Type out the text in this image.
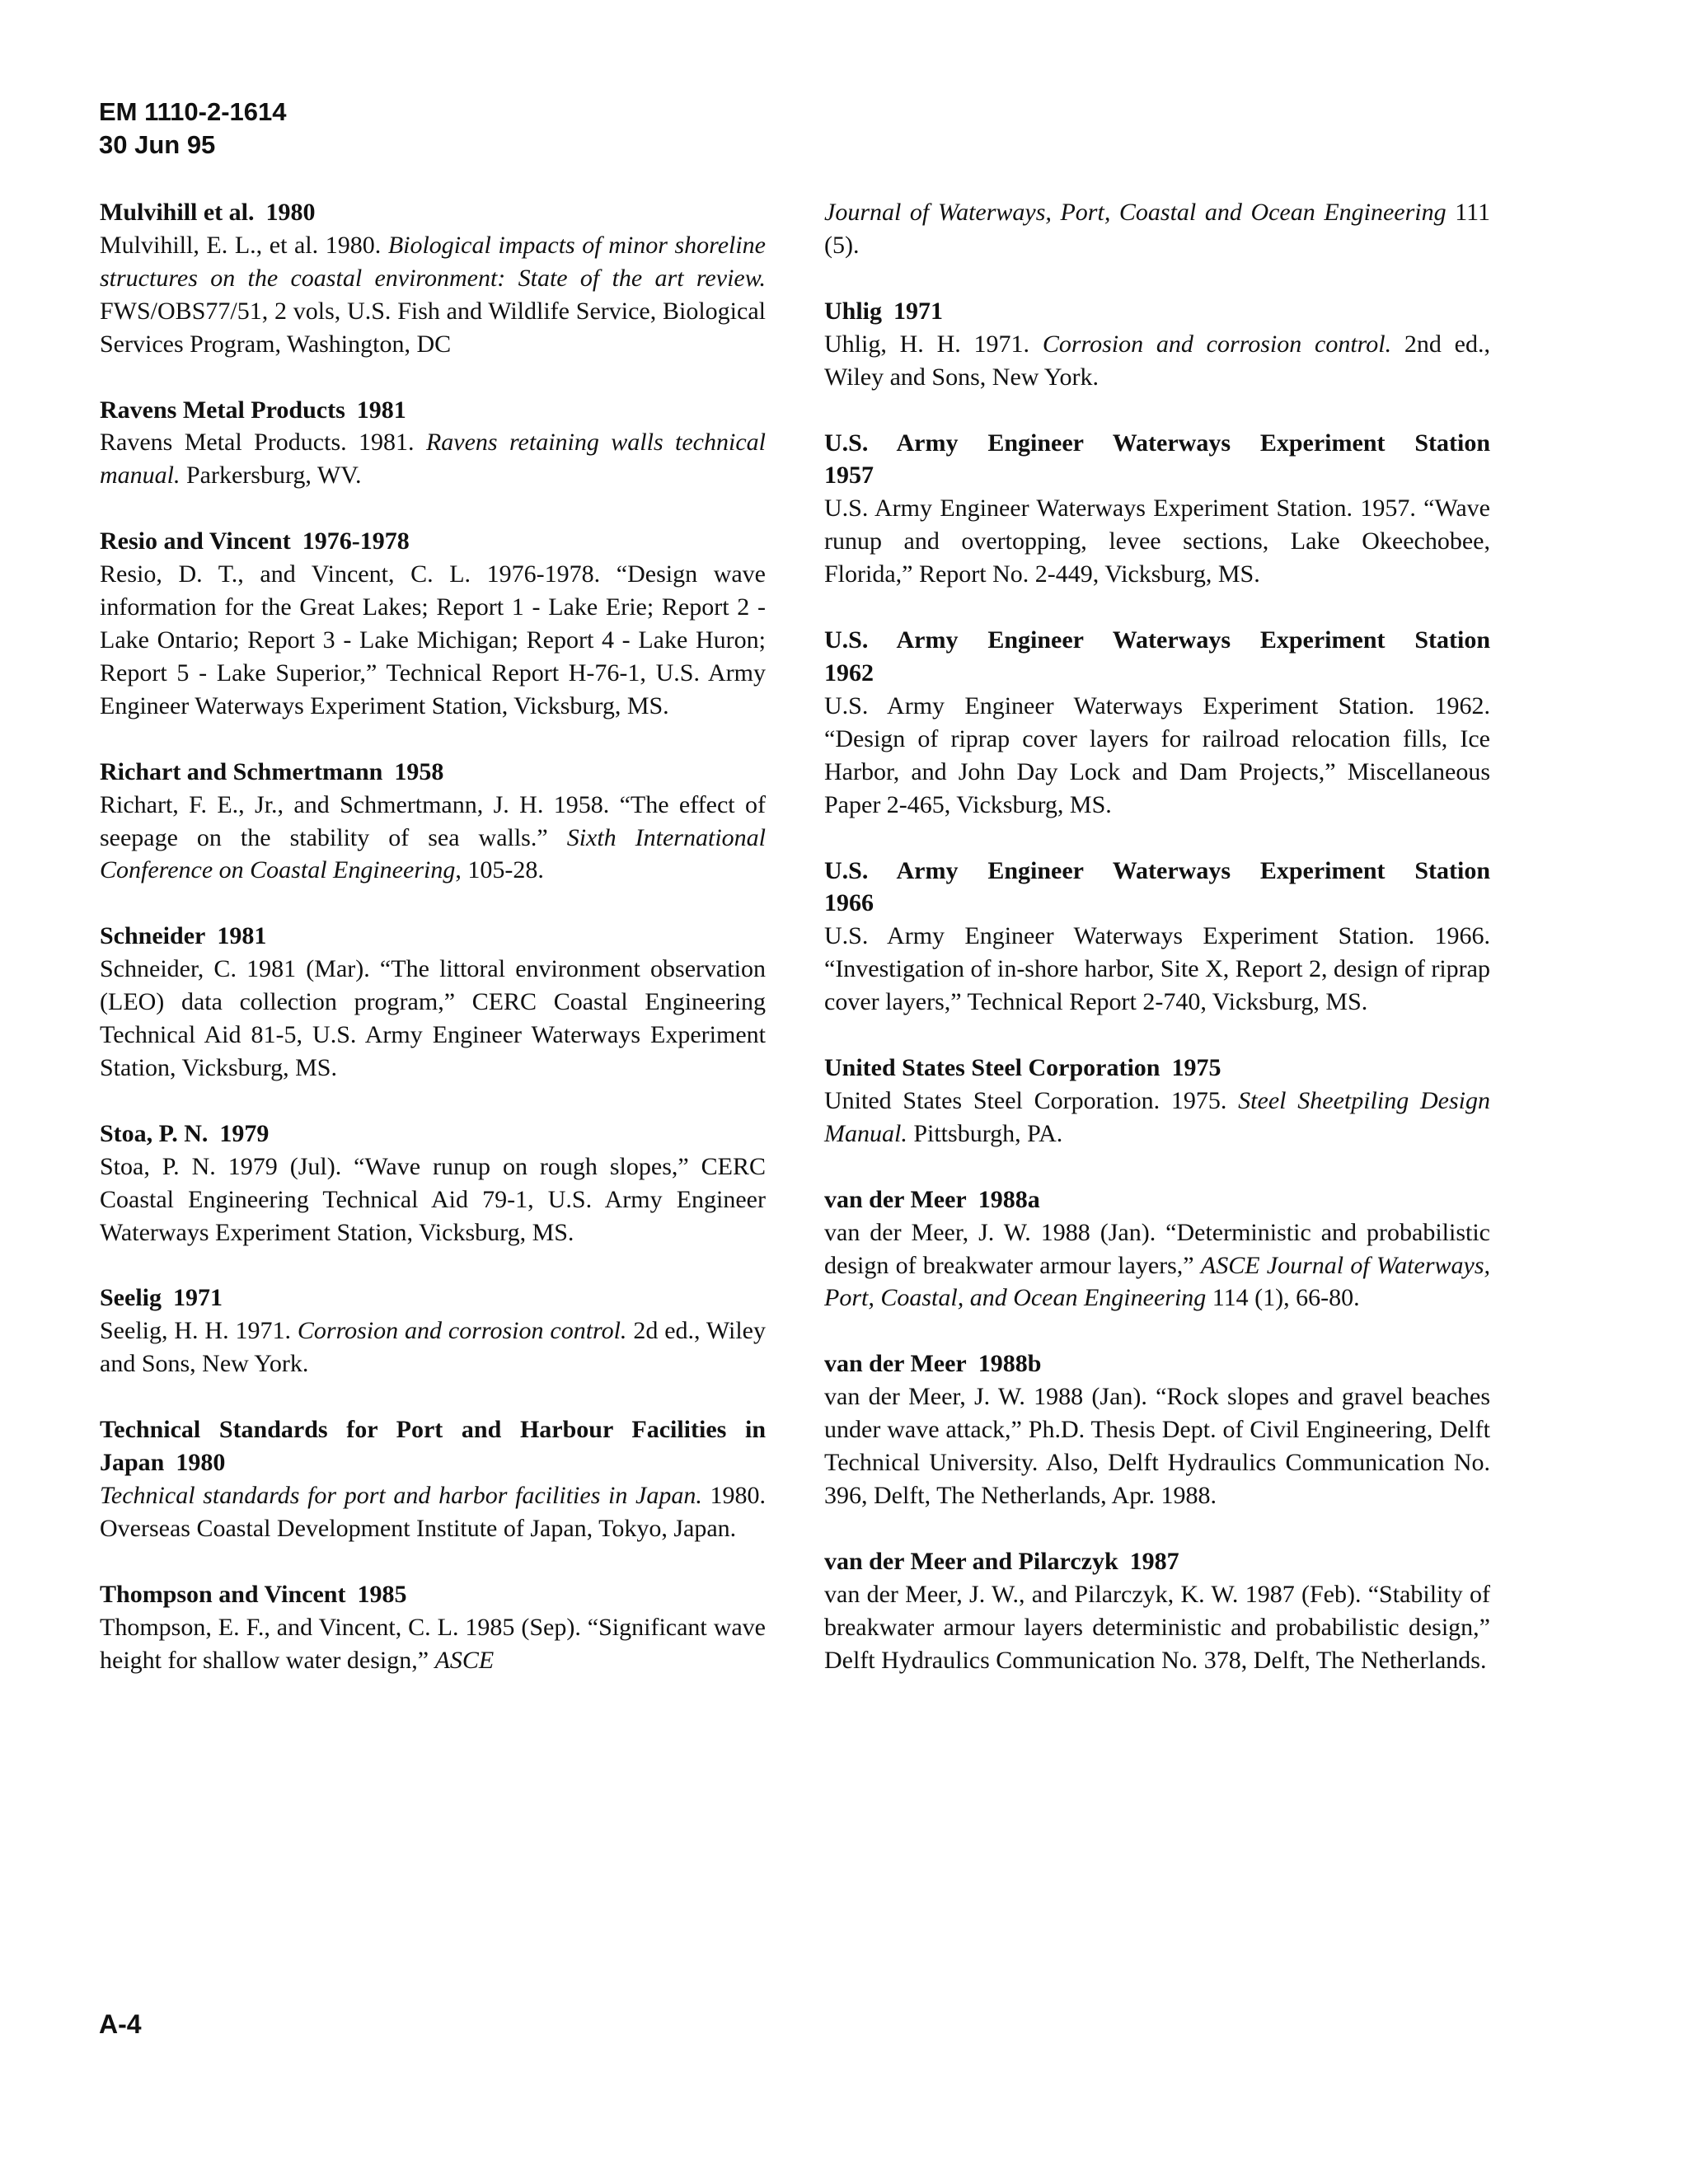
EM 1110-2-1614
30 Jun 95
Mulvihill et al. 1980

Mulvihill, E. L., et al. 1980. Biological impacts of minor shoreline structures on the coastal environment: State of the art review. FWS/OBS77/51, 2 vols, U.S. Fish and Wildlife Service, Biological Services Program, Washington, DC

Ravens Metal Products 1981

Ravens Metal Products. 1981. Ravens retaining walls technical manual. Parkersburg, WV.

Resio and Vincent 1976-1978

Resio, D. T., and Vincent, C. L. 1976-1978. “Design wave information for the Great Lakes; Report 1 - Lake Erie; Report 2 - Lake Ontario; Report 3 - Lake Michigan; Report 4 - Lake Huron; Report 5 - Lake Superior,” Technical Report H-76-1, U.S. Army Engineer Waterways Experiment Station, Vicksburg, MS.

Richart and Schmertmann 1958

Richart, F. E., Jr., and Schmertmann, J. H. 1958. “The effect of seepage on the stability of sea walls.” Sixth International Conference on Coastal Engineering, 105-28.

Schneider 1981

Schneider, C. 1981 (Mar). “The littoral environment observation (LEO) data collection program,” CERC Coastal Engineering Technical Aid 81-5, U.S. Army Engineer Waterways Experiment Station, Vicksburg, MS.

Stoa, P. N. 1979

Stoa, P. N. 1979 (Jul). “Wave runup on rough slopes,” CERC Coastal Engineering Technical Aid 79-1, U.S. Army Engineer Waterways Experiment Station, Vicksburg, MS.

Seelig 1971

Seelig, H. H. 1971. Corrosion and corrosion control. 2d ed., Wiley and Sons, New York.

Technical Standards for Port and Harbour Facilities in Japan 1980

Technical standards for port and harbor facilities in Japan. 1980. Overseas Coastal Development Institute of Japan, Tokyo, Japan.

Thompson and Vincent 1985

Thompson, E. F., and Vincent, C. L. 1985 (Sep). “Significant wave height for shallow water design,” ASCE

Journal of Waterways, Port, Coastal and Ocean Engineering 111 (5).

Uhlig 1971

Uhlig, H. H. 1971. Corrosion and corrosion control. 2nd ed., Wiley and Sons, New York.

U.S. Army Engineer Waterways Experiment Station
1957

U.S. Army Engineer Waterways Experiment Station. 1957. “Wave runup and overtopping, levee sections, Lake Okeechobee, Florida,” Report No. 2-449, Vicksburg, MS.

U.S. Army Engineer Waterways Experiment Station
1962

U.S. Army Engineer Waterways Experiment Station. 1962. “Design of riprap cover layers for railroad relocation fills, Ice Harbor, and John Day Lock and Dam Projects,” Miscellaneous Paper 2-465, Vicksburg, MS.

U.S. Army Engineer Waterways Experiment Station
1966

U.S. Army Engineer Waterways Experiment Station. 1966. “Investigation of in-shore harbor, Site X, Report 2, design of riprap cover layers,” Technical Report 2-740, Vicksburg, MS.

United States Steel Corporation 1975

United States Steel Corporation. 1975. Steel Sheetpiling Design Manual. Pittsburgh, PA.

van der Meer 1988a

van der Meer, J. W. 1988 (Jan). “Deterministic and probabilistic design of breakwater armour layers,” ASCE Journal of Waterways, Port, Coastal, and Ocean Engineering 114 (1), 66-80.

van der Meer 1988b

van der Meer, J. W. 1988 (Jan). “Rock slopes and gravel beaches under wave attack,” Ph.D. Thesis Dept. of Civil Engineering, Delft Technical University. Also, Delft Hydraulics Communication No. 396, Delft, The Netherlands, Apr. 1988.

van der Meer and Pilarczyk 1987

van der Meer, J. W., and Pilarczyk, K. W. 1987 (Feb). “Stability of breakwater armour layers deterministic and probabilistic design,” Delft Hydraulics Communication No. 378, Delft, The Netherlands.

A-4
